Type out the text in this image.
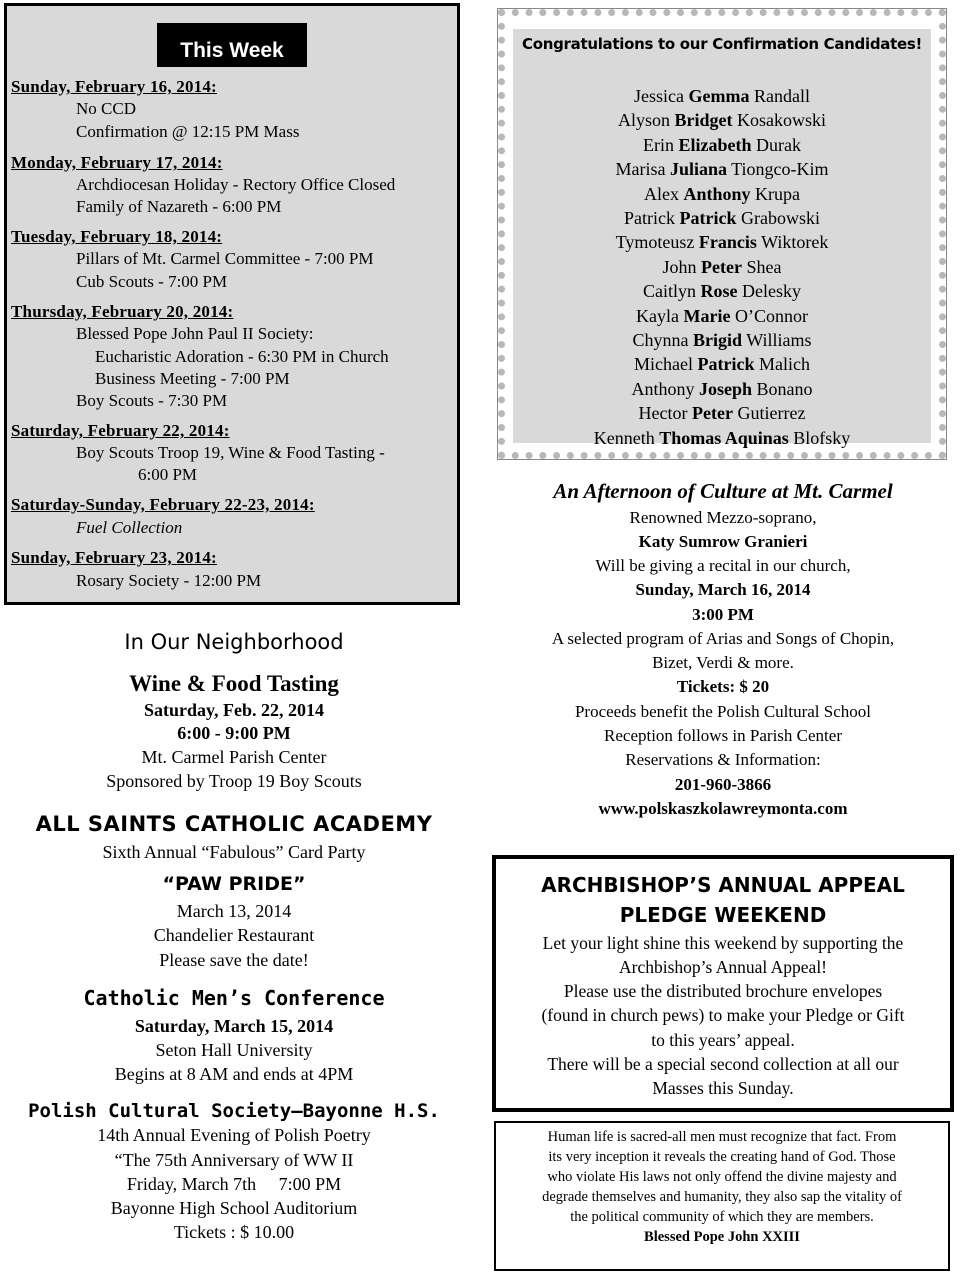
This Week
Sunday, February 16, 2014:
No CCD
Confirmation @ 12:15 PM Mass
Monday, February 17, 2014:
Archdiocesan Holiday - Rectory Office Closed
Family of Nazareth - 6:00 PM
Tuesday, February 18, 2014:
Pillars of Mt. Carmel Committee - 7:00 PM
Cub Scouts - 7:00 PM
Thursday, February 20, 2014:
Blessed Pope John Paul II Society:
Eucharistic Adoration - 6:30 PM in Church
Business Meeting - 7:00 PM
Boy Scouts - 7:30 PM
Saturday, February 22, 2014:
Boy Scouts Troop 19, Wine & Food Tasting -
6:00 PM
Saturday-Sunday, February 22-23, 2014:
Fuel Collection
Sunday, February 23, 2014:
Rosary Society - 12:00 PM
Congratulations to our Confirmation Candidates!
Jessica Gemma Randall
Alyson Bridget Kosakowski
Erin Elizabeth Durak
Marisa Juliana Tiongco-Kim
Alex Anthony Krupa
Patrick Patrick Grabowski
Tymoteusz Francis Wiktorek
John Peter Shea
Caitlyn Rose Delesky
Kayla Marie O’Connor
Chynna Brigid Williams
Michael Patrick Malich
Anthony Joseph Bonano
Hector Peter Gutierrez
Kenneth Thomas Aquinas Blofsky
In Our Neighborhood
Wine & Food Tasting
Saturday, Feb. 22, 2014
6:00 - 9:00 PM
Mt. Carmel Parish Center
Sponsored by Troop 19 Boy Scouts
ALL SAINTS CATHOLIC ACADEMY
Sixth Annual “Fabulous” Card Party
“PAW PRIDE”
March 13, 2014
Chandelier Restaurant
Please save the date!
Catholic Men’s Conference
Saturday, March 15, 2014
Seton Hall University
Begins at 8 AM and ends at 4PM
Polish Cultural Society—Bayonne H.S.
14th Annual Evening of Polish Poetry
“The 75th Anniversary of WW II
Friday, March 7th     7:00 PM
Bayonne High School Auditorium
Tickets : $ 10.00
An Afternoon of Culture at Mt. Carmel
Renowned Mezzo-soprano,
Katy Sumrow Granieri
Will be giving a recital in our church,
Sunday, March 16, 2014
3:00 PM
A selected program of Arias and Songs of Chopin,
Bizet, Verdi & more.
Tickets: $ 20
Proceeds benefit the Polish Cultural School
Reception follows in Parish Center
Reservations & Information:
201-960-3866
www.polskaszkolawreymonta.com
ARCHBISHOP’S ANNUAL APPEAL
PLEDGE WEEKEND
Let your light shine this weekend by supporting the
Archbishop’s Annual Appeal!
Please use the distributed brochure envelopes
(found in church pews) to make your Pledge or Gift
to this years’ appeal.
There will be a special second collection at all our
Masses this Sunday.
Human life is sacred-all men must recognize that fact. From
its very inception it reveals the creating hand of God. Those
who violate His laws not only offend the divine majesty and
degrade themselves and humanity, they also sap the vitality of
the political community of which they are members.
Blessed Pope John XXIII
